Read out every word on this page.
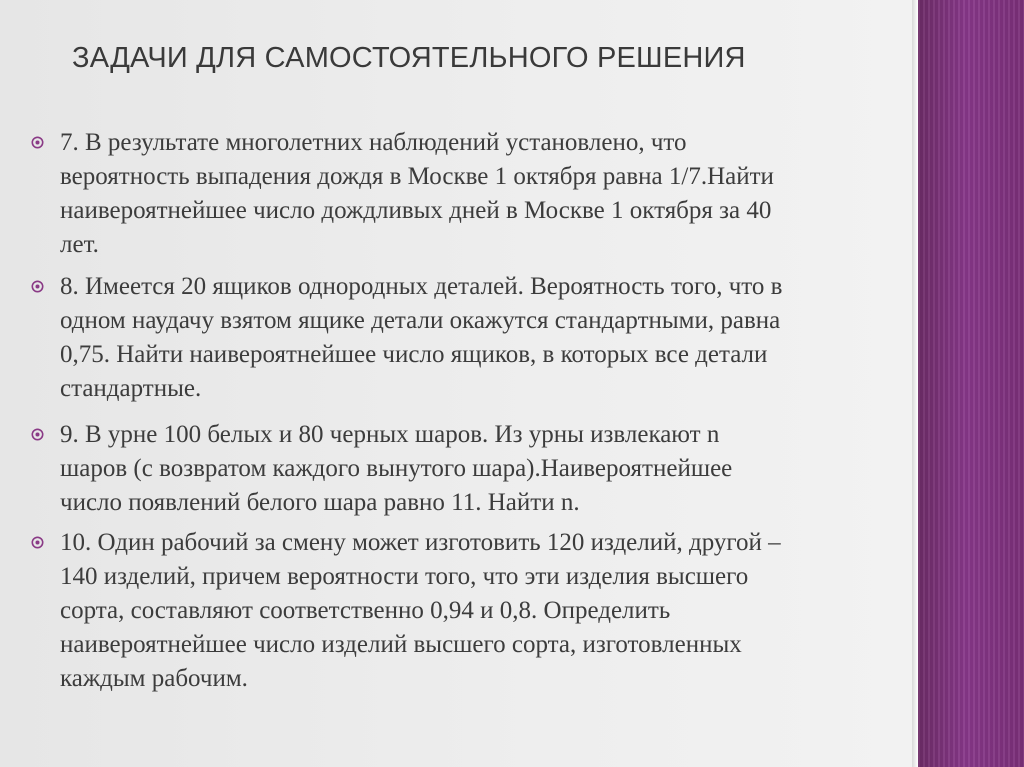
ЗАДАЧИ ДЛЯ САМОСТОЯТЕЛЬНОГО РЕШЕНИЯ
7. В результате многолетних наблюдений установлено, что
вероятность выпадения дождя в Москве 1 октября равна 1/7.Найти
наивероятнейшее число дождливых дней в Москве 1 октября за 40
лет.
8. Имеется 20 ящиков однородных деталей. Вероятность того, что в
одном наудачу взятом ящике детали окажутся стандартными, равна
0,75. Найти наивероятнейшее число ящиков, в которых все детали
стандартные.
9. В урне 100 белых и 80 черных шаров. Из урны извлекают n
шаров (с возвратом каждого вынутого шара).Наивероятнейшее
число появлений белого шара равно 11. Найти n.
10. Один рабочий за смену может изготовить 120 изделий, другой –
140 изделий, причем вероятности того, что эти изделия высшего
сорта, составляют соответственно 0,94 и 0,8. Определить
наивероятнейшее число изделий высшего сорта, изготовленных
каждым рабочим.
